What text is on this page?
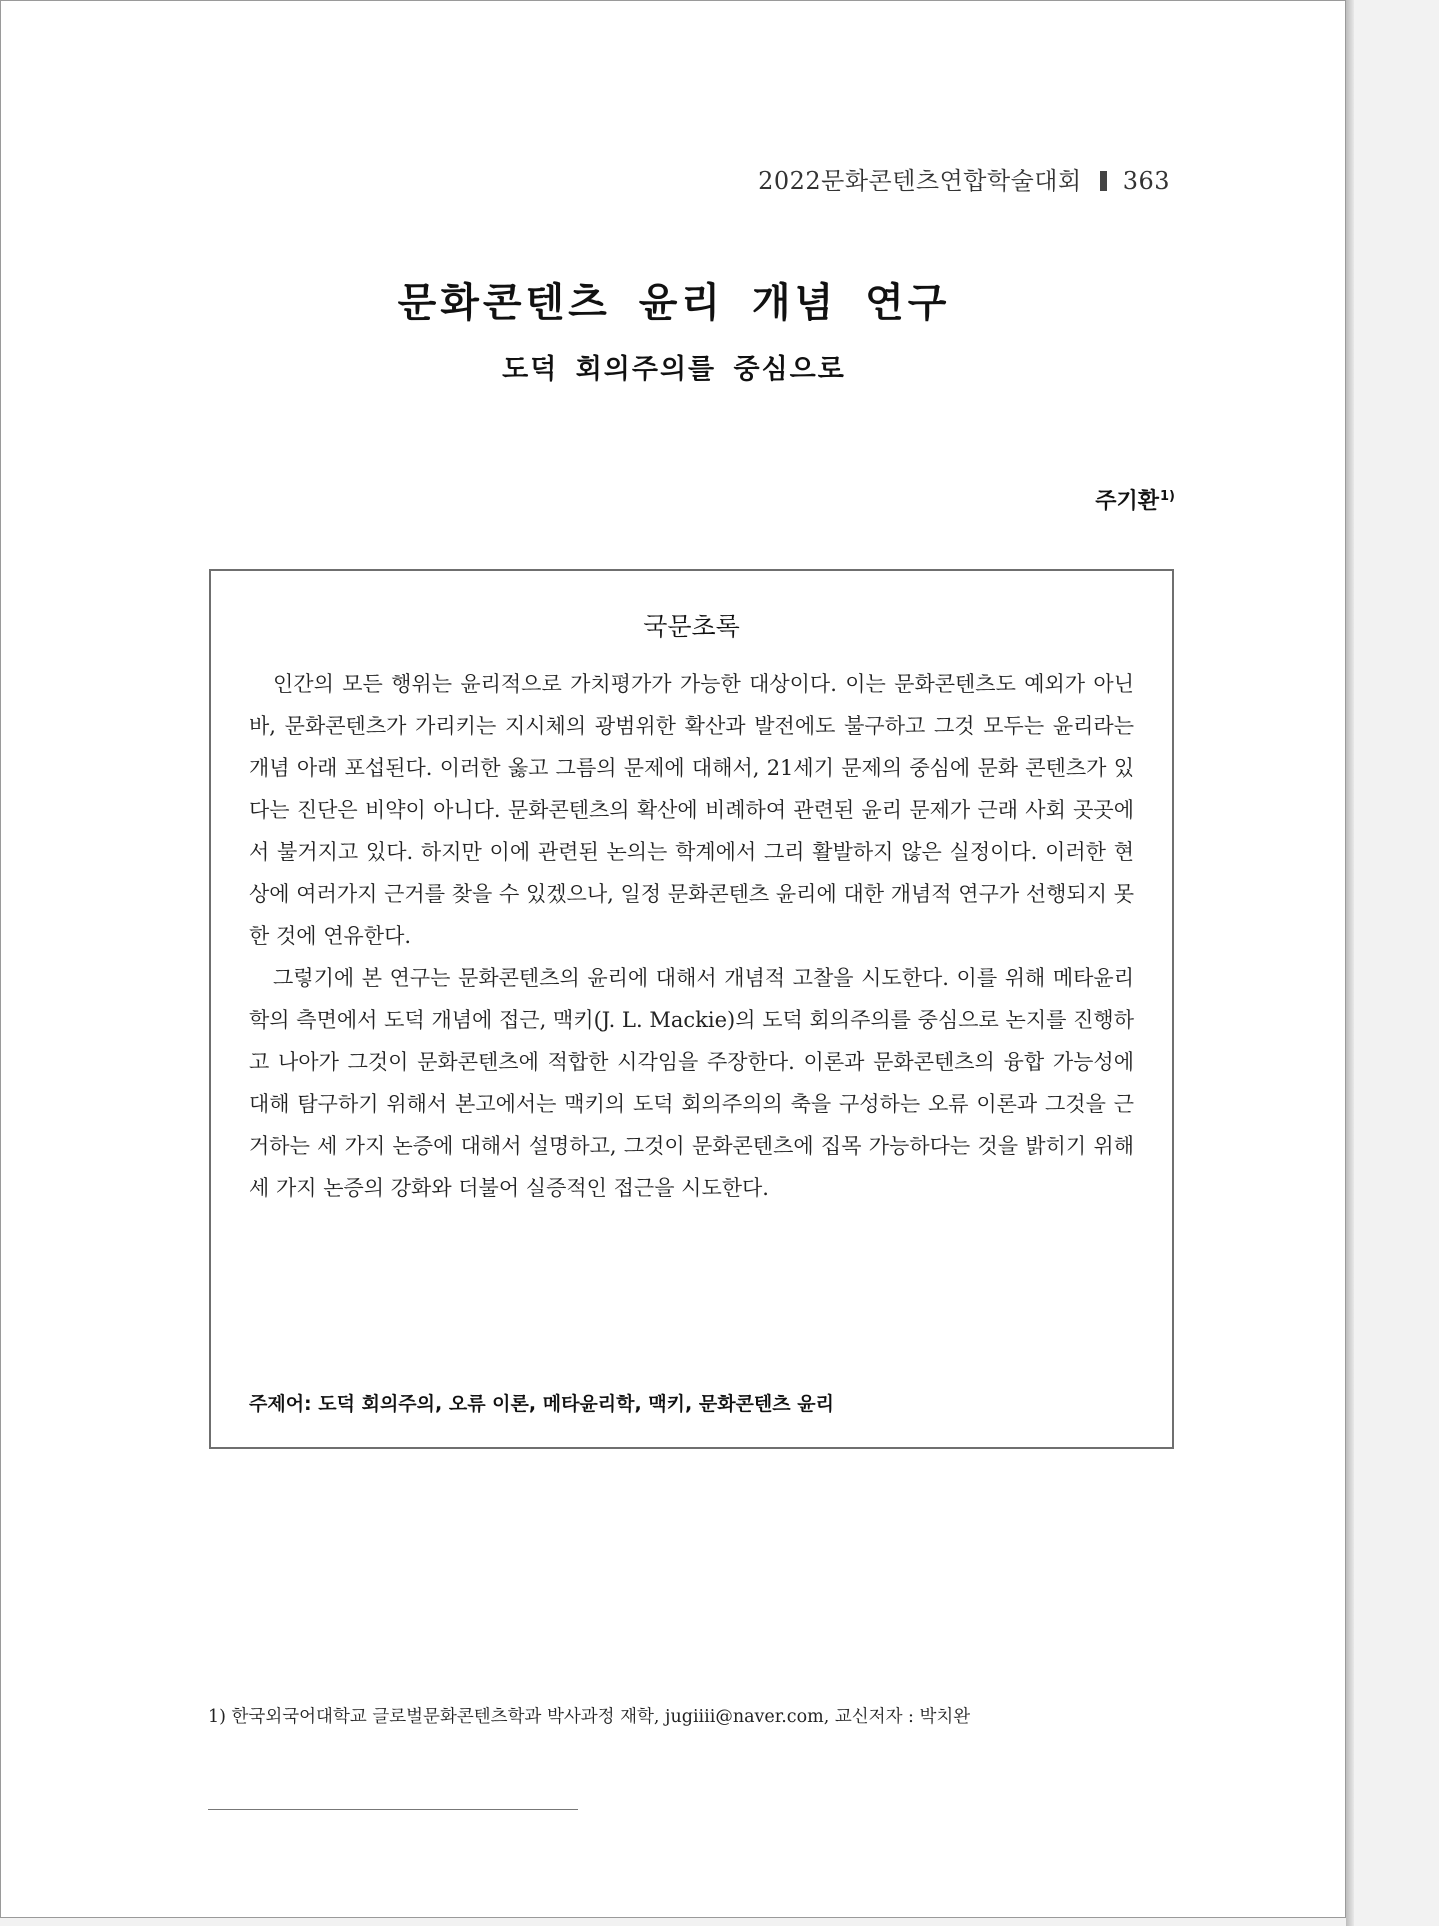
2022문화콘텐츠연합학술대회 363
문화콘텐츠 윤리 개념 연구
도덕 회의주의를 중심으로
주기환$^{1)}$
국문초록

인간의 모든 행위는 윤리적으로 가치평가가 가능한 대상이다. 이는 문화콘텐츠도 예외가 아닌바, 문화콘텐츠가 가리키는 지시체의 광범위한 확산과 발전에도 불구하고 그것 모두는 윤리라는 개념 아래 포섭된다. 이러한 옳고 그름의 문제에 대해서, 21세기 문제의 중심에 문화 콘텐츠가 있다는 진단은 비약이 아니다. 문화콘텐츠의 확산에 비례하여 관련된 윤리 문제가 근래 사회 곳곳에서 불거지고 있다. 하지만 이에 관련된 논의는 학계에서 그리 활발하지 않은 실정이다. 이러한 현상에 여러가지 근거를 찾을 수 있겠으나, 일정 문화콘텐츠 윤리에 대한 개념적 연구가 선행되지 못한 것에 연유한다.

그렇기에 본 연구는 문화콘텐츠의 윤리에 대해서 개념적 고찰을 시도한다. 이를 위해 메타윤리학의 측면에서 도덕 개념에 접근, 맥키(J. L. Mackie)의 도덕 회의주의를 중심으로 논지를 진행하고 나아가 그것이 문화콘텐츠에 적합한 시각임을 주장한다. 이론과 문화콘텐츠의 융합 가능성에 대해 탐구하기 위해서 본고에서는 맥키의 도덕 회의주의의 축을 구성하는 오류 이론과 그것을 근거하는 세 가지 논증에 대해서 설명하고, 그것이 문화콘텐츠에 집목 가능하다는 것을 밝히기 위해 세 가지 논증의 강화와 더불어 실증적인 접근을 시도한다.

주제어: 도덕 회의주의, 오류 이론, 메타윤리학, 맥키, 문화콘텐츠 윤리
1) 한국외국어대학교 글로벌문화콘텐츠학과 박사과정 재학, jugiiii@naver.com, 교신저자 : 박치완
